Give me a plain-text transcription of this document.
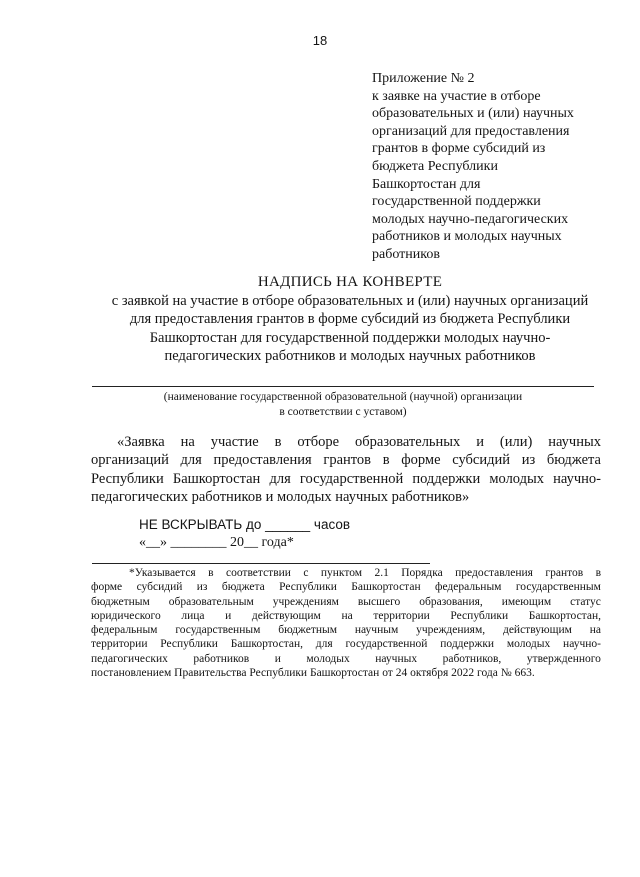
18
Приложение № 2
к заявке на участие в отборе
образовательных и (или) научных
организаций для предоставления
грантов в форме субсидий из
бюджета Республики
Башкортостан для
государственной поддержки
молодых научно-педагогических
работников и молодых научных
работников
НАДПИСЬ НА КОНВЕРТЕ
с заявкой на участие в отборе образовательных и (или) научных организаций
для предоставления грантов в форме субсидий из бюджета Республики
Башкортостан для государственной поддержки молодых научно-
педагогических работников и молодых научных работников
(наименование государственной образовательной (научной) организации
в соответствии с уставом)
«Заявка на участие в отборе образовательных и (или) научных
организаций для предоставления грантов в форме субсидий из бюджета
Республики Башкортостан для государственной поддержки молодых научно-
педагогических работников и молодых научных работников»
НЕ ВСКРЫВАТЬ до ______ часов
«__» ________ 20__ года*
*Указывается в соответствии с пунктом 2.1 Порядка предоставления грантов в
форме субсидий из бюджета Республики Башкортостан федеральным государственным
бюджетным образовательным учреждениям высшего образования, имеющим статус
юридического лица и действующим на территории Республики Башкортостан,
федеральным государственным бюджетным научным учреждениям, действующим на
территории Республики Башкортостан, для государственной поддержки молодых научно-
педагогических работников и молодых научных работников, утвержденного
постановлением Правительства Республики Башкортостан от 24 октября 2022 года № 663.
